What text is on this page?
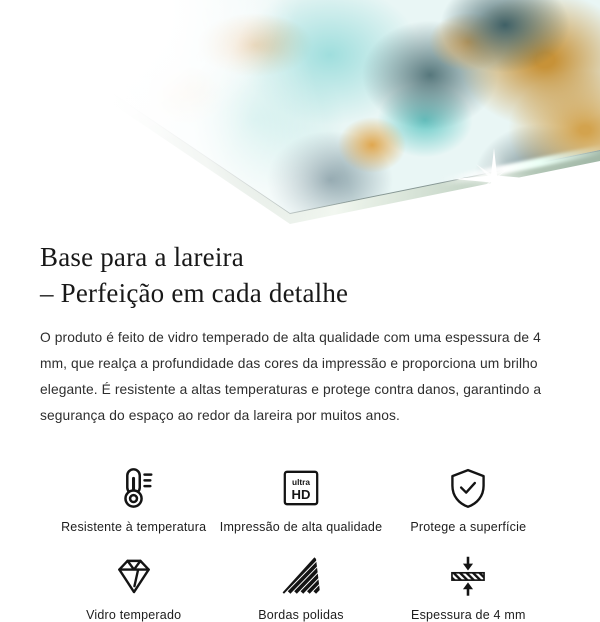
Base para a lareira
– Perfeição em cada detalhe

O produto é feito de vidro temperado de alta qualidade com uma espessura de 4 mm, que realça a profundidade das cores da impressão e proporciona um brilho elegante. É resistente a altas temperaturas e protege contra danos, garantindo a segurança do espaço ao redor da lareira por muitos anos.

Resistente à temperatura
ultra
HD
Impressão de alta qualidade Protege a superfície
Vidro temperado	Bordas polidas	Espessura de 4 mm
